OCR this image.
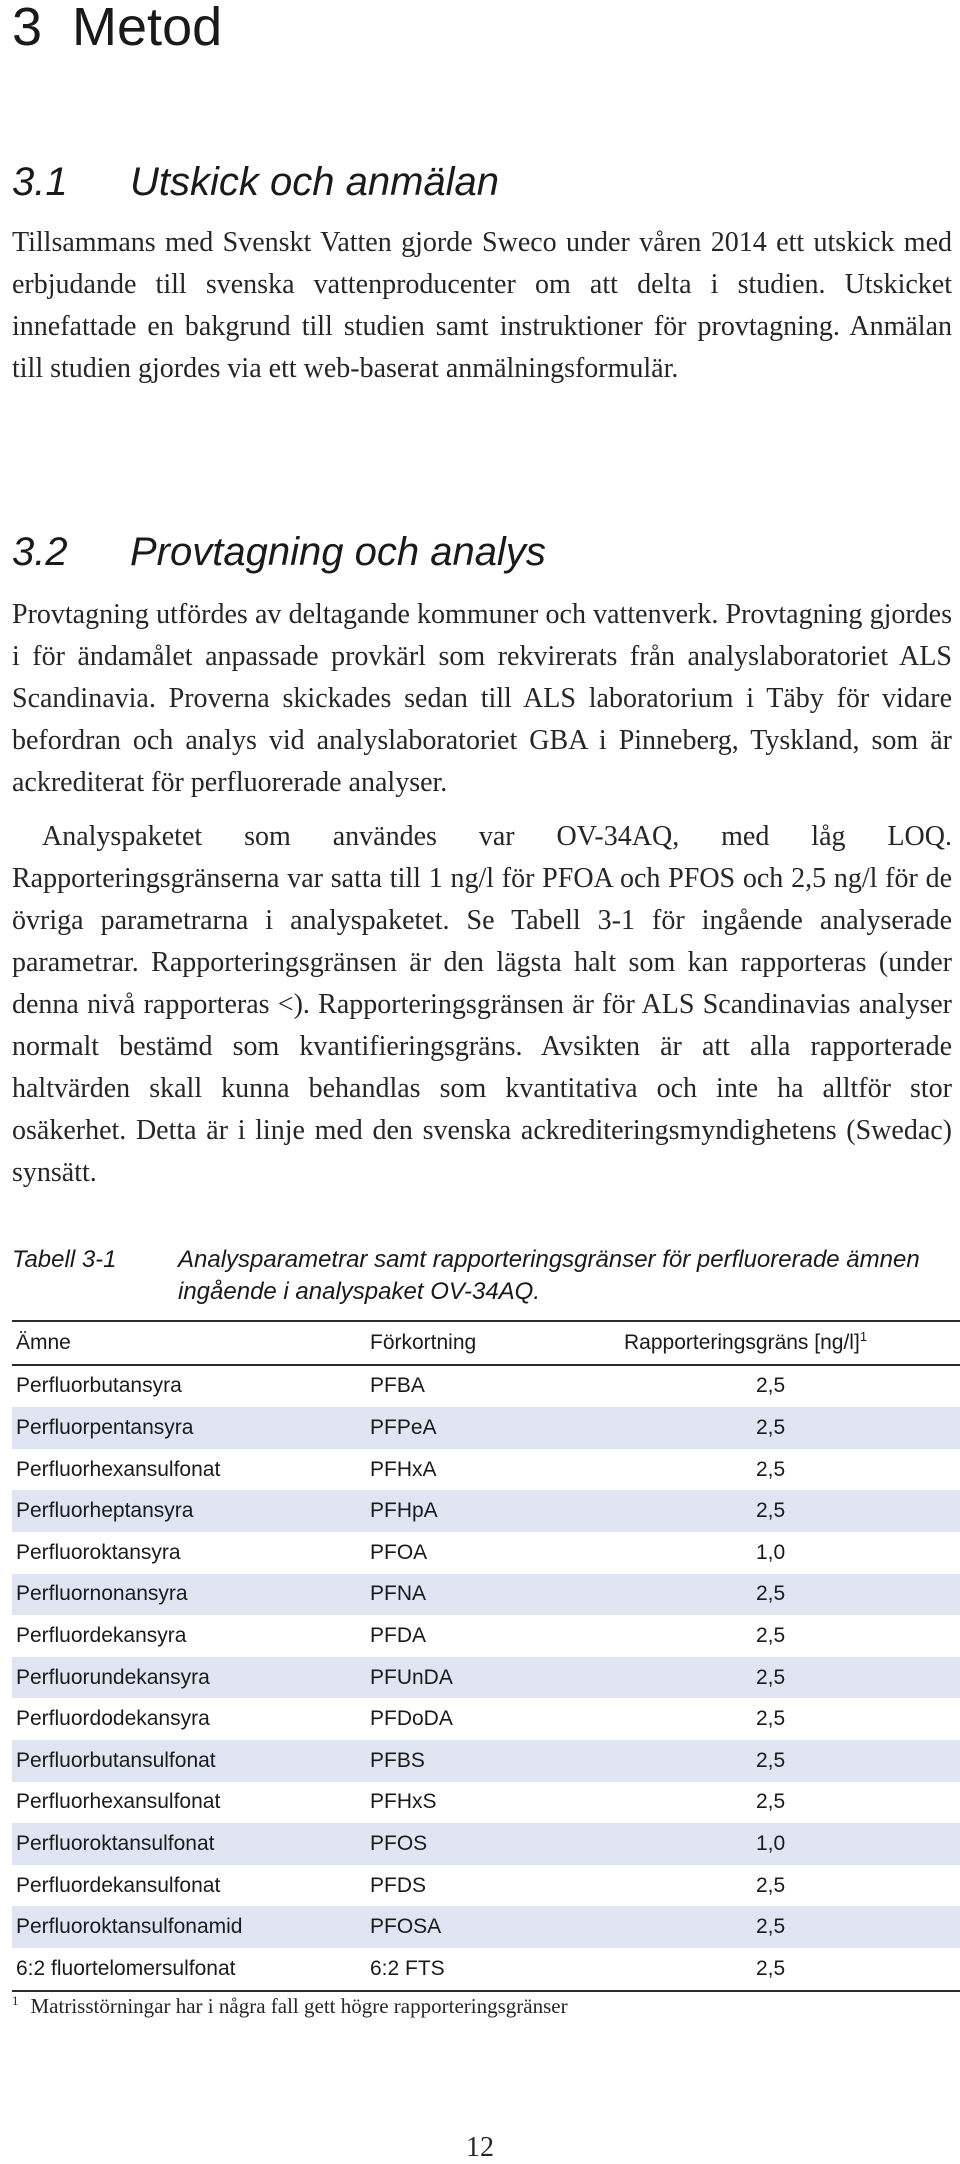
3 Metod
3.1 Utskick och anmälan

Tillsammans med Svenskt Vatten gjorde Sweco under våren 2014 ett utskick med erbjudande till svenska vattenproducenter om att delta i studien. Utskicket innefattade en bakgrund till studien samt instruktioner för provtagning. Anmälan till studien gjordes via ett web-baserat anmälningsformulär.

3.2 Provtagning och analys

Provtagning utfördes av deltagande kommuner och vattenverk. Provtagning gjordes i för ändamålet anpassade provkärl som rekvirerats från analyslaboratoriet ALS Scandinavia. Proverna skickades sedan till ALS laboratorium i Täby för vidare befordran och analys vid analyslaboratoriet GBA i Pinneberg, Tyskland, som är ackrediterat för perfluorerade analyser.

Analyspaketet som användes var OV-34AQ, med låg LOQ. Rapporteringsgränserna var satta till 1 ng/l för PFOA och PFOS och 2,5 ng/l för de övriga parametrarna i analyspaketet. Se Tabell 3-1 för ingående analyserade parametrar. Rapporteringsgränsen är den lägsta halt som kan rapporteras (under denna nivå rapporteras <). Rapporteringsgränsen är för ALS Scandinavias analyser normalt bestämd som kvantifieringsgräns. Avsikten är att alla rapporterade haltvärden skall kunna behandlas som kvantitativa och inte ha alltför stor osäkerhet. Detta är i linje med den svenska ackrediteringsmyndighetens (Swedac) synsätt.

Tabell 3-1	Analysparametrar samt rapporteringsgränser för perfluorerade ämnen ingående i analyspaket OV-34AQ.
Ämne	Förkortning	Rapporteringsgräns [ng/l]$^1$
Perfluorbutansyra	PFBA	2,5
Perfluorpentansyra	PFPeA	2,5
Perfluorhexansulfonat	PFHxA	2,5
Perfluorheptansyra	PFHpA	2,5
Perfluoroktansyra	PFOA	1,0
Perfluornonansyra	PFNA	2,5
Perfluordekansyra	PFDA	2,5
Perfluorundekansyra	PFUnDA	2,5
Perfluordodekansyra	PFDoDA	2,5
Perfluorbutansulfonat	PFBS	2,5
Perfluorhexansulfonat	PFHxS	2,5
Perfluoroktansulfonat	PFOS	1,0
Perfluordekansulfonat	PFDS	2,5
Perfluoroktansulfonamid	PFOSA	2,5
6:2 fluortelomersulfonat	6:2 FTS	2,5
$^1$ Matrisstörningar har i några fall gett högre rapporteringsgränser
12
